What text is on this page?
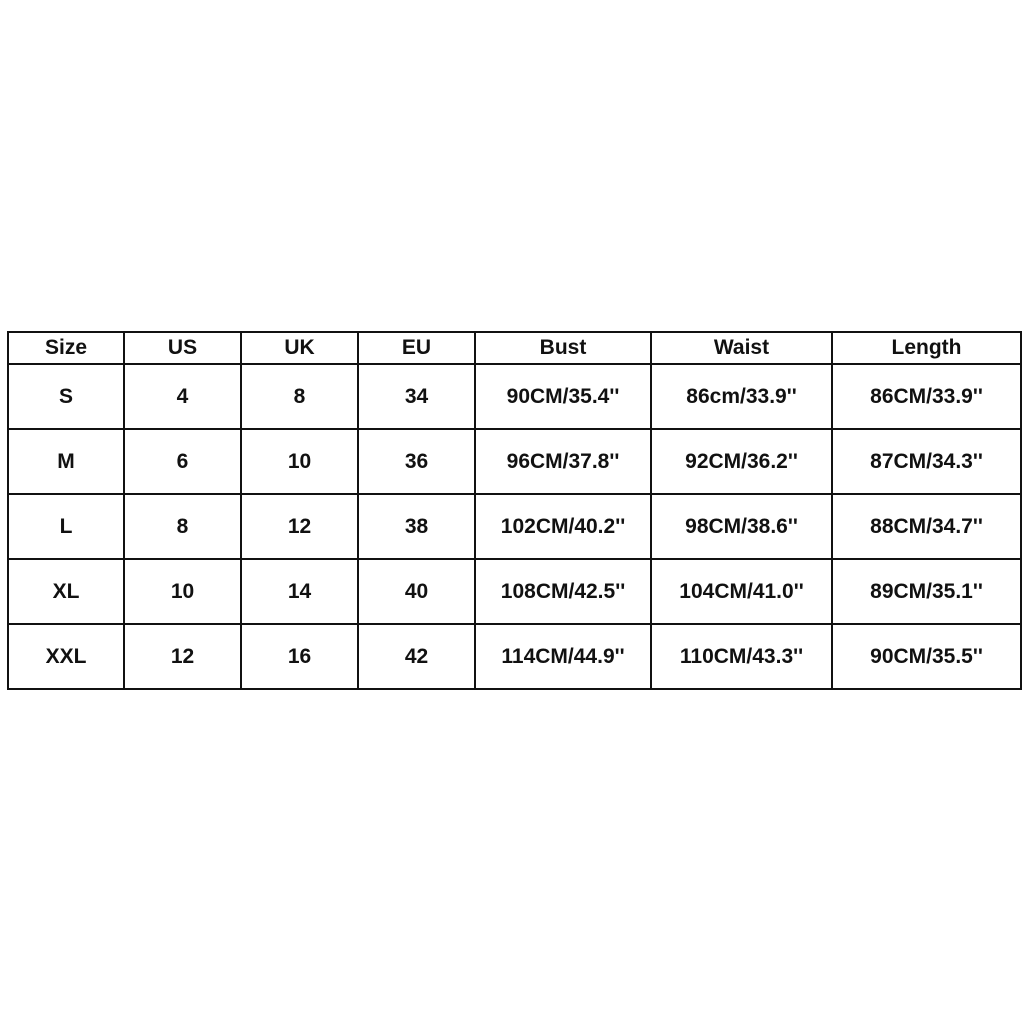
Size	US	UK	EU	Bust	Waist	Length
S	4	8	34	90CM/35.4''	86cm/33.9''	86CM/33.9''
M	6	10	36	96CM/37.8''	92CM/36.2''	87CM/34.3''
L	8	12	38	102CM/40.2''	98CM/38.6''	88CM/34.7''
XL	10	14	40	108CM/42.5''	104CM/41.0''	89CM/35.1''
XXL	12	16	42	114CM/44.9''	110CM/43.3''	90CM/35.5''
